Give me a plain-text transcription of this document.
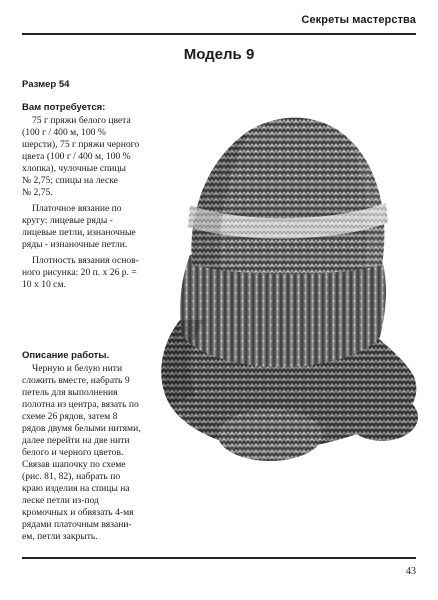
Секреты мастерства
Модель 9
Размер 54
Вам потребуется:

75 г пряжи белого цвета
(100 г / 400 м, 100 %
шерсти), 75 г пряжи черного
цвета (100 г / 400 м, 100 %
хлопка), чулочные спицы
№ 2,75; спицы на леске
№ 2,75.

Платочное вязание по
кругу: лицевые ряды -
лицевые петли, изнаночные
ряды - изнаночные петли.

Плотность вязания основ-
ного рисунка: 20 п. х 26 р. =
10 х 10 см.

Описание работы.

Черную и белую нити
сложить вместе, набрать 9
петель для выполнения
полотна из центра, вязать по
схеме 26 рядов, затем 8
рядов двумя белыми нитями,
далее перейти на две нити
белого и черного цветов.
Связав шапочку по схеме
(рис. 81, 82), набрать по
краю изделия на спицы на
леске петли из-под
кромочных и обвязать 4-мя
рядами платочным вязани-
ем, петли закрыть.

43
